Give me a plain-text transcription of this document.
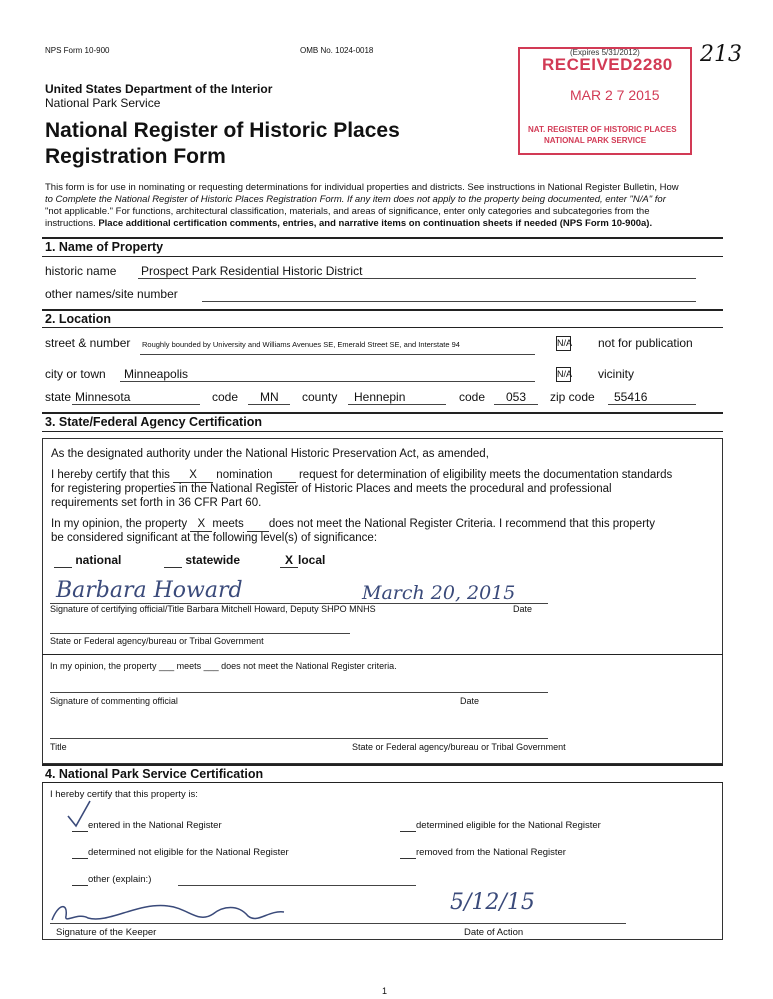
NPS Form 10-900	OMB No. 1024-0018	213
United States Department of the Interior
National Park Service
National Register of Historic Places
Registration Form
(Expires 5/31/2012)
RECEIVED2280
MAR 2 7 2015
NAT. REGISTER OF HISTORIC PLACES
NATIONAL PARK SERVICE
This form is for use in nominating or requesting determinations for individual properties and districts. See instructions in National Register Bulletin, How
to Complete the National Register of Historic Places Registration Form. If any item does not apply to the property being documented, enter "N/A" for
"not applicable." For functions, architectural classification, materials, and areas of significance, enter only categories and subcategories from the
instructions. Place additional certification comments, entries, and narrative items on continuation sheets if needed (NPS Form 10-900a).
1. Name of Property
historic name Prospect Park Residential Historic District
other names/site number
2. Location
street & number Roughly bounded by University and Williams Avenues SE, Emerald Street SE, and Interstate 94	N/A not for publication
city or town Minneapolis	N/A vicinity
state Minnesota	code MN county Hennepin	code 053 zip code 55416
3. State/Federal Agency Certification
As the designated authority under the National Historic Preservation Act, as amended,
I hereby certify that this X nomination request for determination of eligibility meets the documentation standards
for registering properties in the National Register of Historic Places and meets the procedural and professional
requirements set forth in 36 CFR Part 60.
In my opinion, the property X meets does not meet the National Register Criteria. I recommend that this property
be considered significant at the following level(s) of significance:
national	statewide	X local
Barbara Howard	March 20, 2015
Signature of certifying official/Title Barbara Mitchell Howard, Deputy SHPO MNHS	Date
State or Federal agency/bureau or Tribal Government
In my opinion, the property ___ meets ___ does not meet the National Register criteria.
Signature of commenting official	Date
Title	State or Federal agency/bureau or Tribal Government
4. National Park Service Certification
I hereby certify that this property is:
entered in the National Register	determined eligible for the National Register
determined not eligible for the National Register	removed from the National Register
other (explain:)
5/12/15
Signature of the Keeper	Date of Action
1
